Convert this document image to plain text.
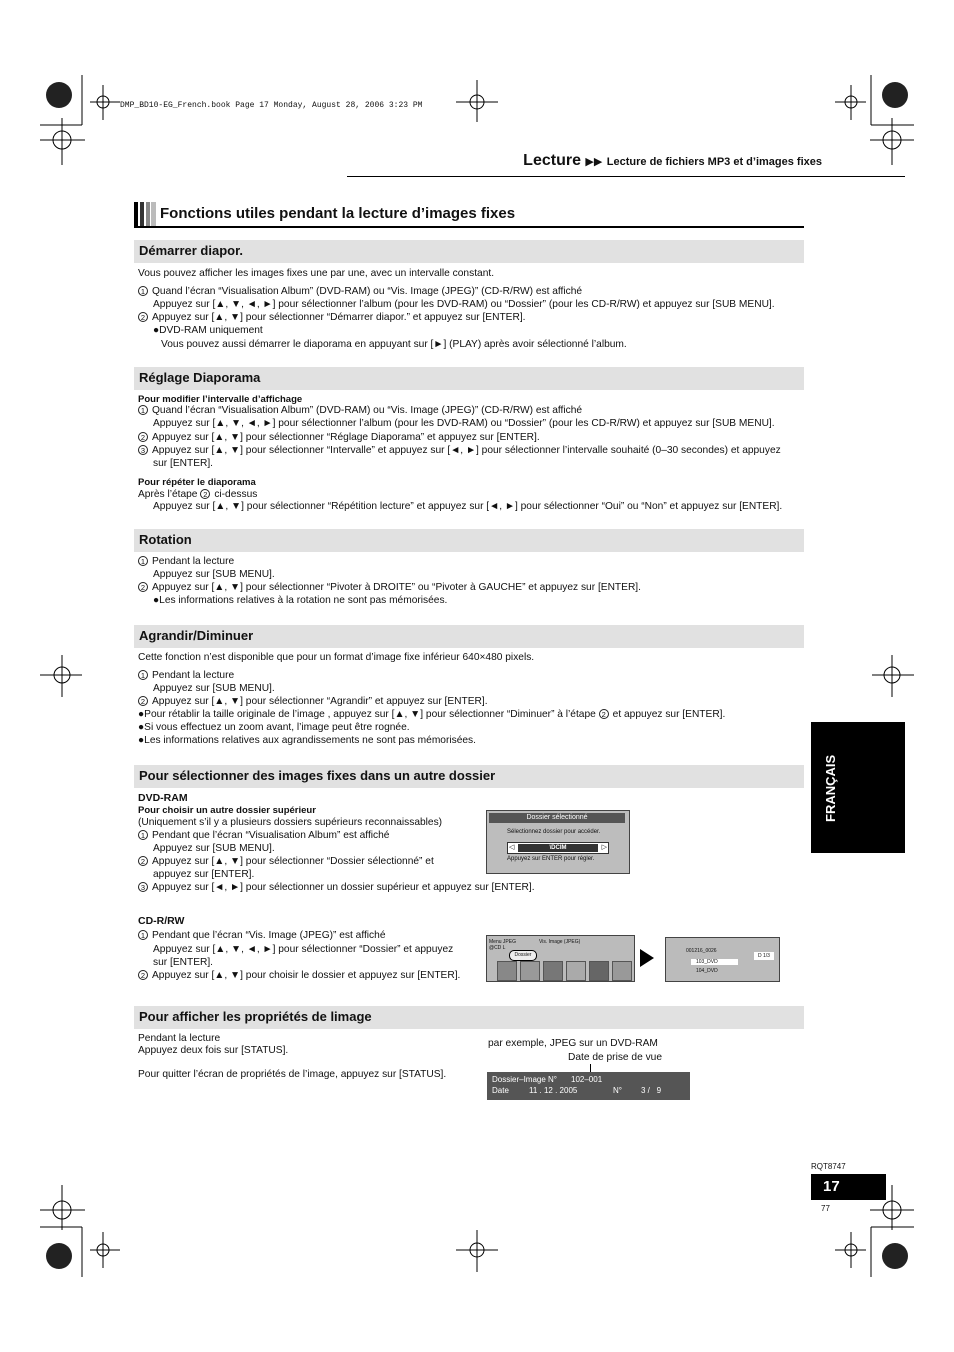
DMP_BD10-EG_French.book Page 17 Monday, August 28, 2006 3:23 PM
Lecture ▶▶ Lecture de fichiers MP3 et d’images fixes
Fonctions utiles pendant la lecture d’images fixes
FRANÇAIS
Démarrer diapor.
Vous pouvez afficher les images fixes une par une, avec un intervalle constant.
1 Quand l’écran “Visualisation Album” (DVD-RAM) ou “Vis. Image (JPEG)” (CD-R/RW) est affiché
Appuyez sur [▲, ▼, ◄, ►] pour sélectionner l’album (pour les DVD-RAM) ou “Dossier” (pour les CD-R/RW) et appuyez sur [SUB MENU].
2 Appuyez sur [▲, ▼] pour sélectionner “Démarrer diapor.” et appuyez sur [ENTER].
●DVD-RAM uniquement
Vous pouvez aussi démarrer le diaporama en appuyant sur [►] (PLAY) après avoir sélectionné l’album.
Réglage Diaporama
Pour modifier l’intervalle d’affichage
1 Quand l’écran “Visualisation Album” (DVD-RAM) ou “Vis. Image (JPEG)” (CD-R/RW) est affiché
Appuyez sur [▲, ▼, ◄, ►] pour sélectionner l’album (pour les DVD-RAM) ou “Dossier” (pour les CD-R/RW) et appuyez sur [SUB MENU].
2 Appuyez sur [▲, ▼] pour sélectionner “Réglage Diaporama” et appuyez sur [ENTER].
3 Appuyez sur [▲, ▼] pour sélectionner “Intervalle” et appuyez sur [◄, ►] pour sélectionner l’intervalle souhaité (0–30 secondes) et appuyez
sur [ENTER].
Pour répéter le diaporama
Après l’étape 2 ci-dessus
Appuyez sur [▲, ▼] pour sélectionner “Répétition lecture” et appuyez sur [◄, ►] pour sélectionner “Oui” ou “Non” et appuyez sur [ENTER].
Rotation
1 Pendant la lecture
Appuyez sur [SUB MENU].
2 Appuyez sur [▲, ▼] pour sélectionner “Pivoter à DROITE” ou “Pivoter à GAUCHE” et appuyez sur [ENTER].
●Les informations relatives à la rotation ne sont pas mémorisées.
Agrandir/Diminuer
Cette fonction n’est disponible que pour un format d’image fixe inférieur 640×480 pixels.
1 Pendant la lecture
Appuyez sur [SUB MENU].
2 Appuyez sur [▲, ▼] pour sélectionner “Agrandir” et appuyez sur [ENTER].
●Pour rétablir la taille originale de l’image , appuyez sur [▲, ▼] pour sélectionner “Diminuer” à l’étape 2 et appuyez sur [ENTER].
●Si vous effectuez un zoom avant, l’image peut être rognée.
●Les informations relatives aux agrandissements ne sont pas mémorisées.
Pour sélectionner des images fixes dans un autre dossier
DVD-RAM
Pour choisir un autre dossier supérieur
(Uniquement s’il y a plusieurs dossiers supérieurs reconnaissables)
1 Pendant que l’écran “Visualisation Album” est affiché
Appuyez sur [SUB MENU].
2 Appuyez sur [▲, ▼] pour sélectionner “Dossier sélectionné” et
appuyez sur [ENTER].
3 Appuyez sur [◄, ►] pour sélectionner un dossier supérieur et appuyez sur [ENTER].
Dossier sélectionné
Sélectionnez dossier pour accéder.
◁	\DCIM	▷
Appuyez sur ENTER pour régler.
CD-R/RW
1 Pendant que l’écran “Vis. Image (JPEG)” est affiché
Appuyez sur [▲, ▼, ◄, ►] pour sélectionner “Dossier” et appuyez
sur [ENTER].
2 Appuyez sur [▲, ▼] pour choisir le dossier et appuyez sur [ENTER].
Menu JPEG
@CD L
Vis. Image (JPEG)
Dossier
001216_0026
103_DVD
104_DVD
D 1/3
Pour afficher les propriétés de limage
Pendant la lecture
Appuyez deux fois sur [STATUS].
Pour quitter l’écran de propriétés de l’image, appuyez sur [STATUS].
par exemple, JPEG sur un DVD-RAM
Date de prise de vue
Dossier–Image N° 102–001
Date	11 . 12 . 2005	N° 3 /   9
RQT8747
17
77
